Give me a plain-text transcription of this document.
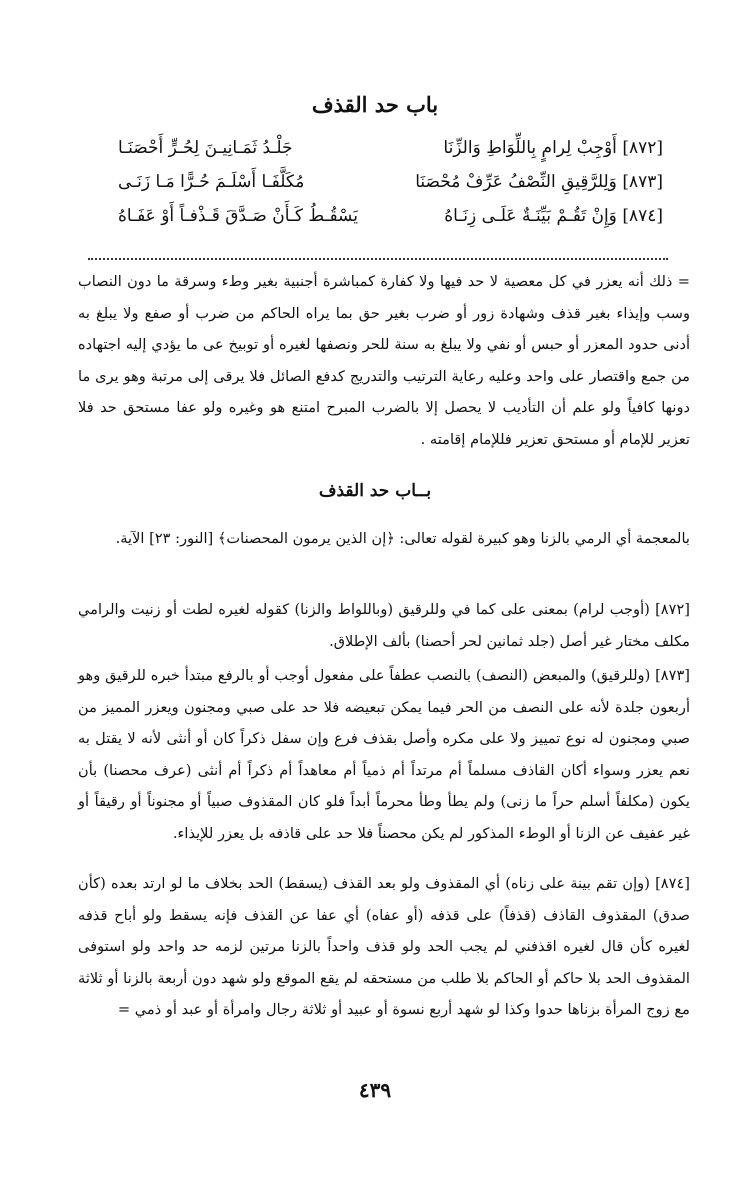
باب حد القذف
[٨٧٢] أَوْجِبْ لِرامٍ بِاللِّوَاطِ وَالزِّنَا
جَلْـدُ ثَمَـانِيـنَ لِحُـرٍّ أَحْصَنَـا
[٨٧٣] وَلِلرَّقِيقِ النِّصْفُ عَرِّفْ مُحْصَنَا
مُكَلَّفَـا أَسْلَـمَ حُـرًّا مَـا زَنَـى
[٨٧٤] وَإِنْ تَقُـمْ بَيِّنَـةٌ عَلَـى زِنَـاهُ
يَسْقُـطُ كَـأَنْ صَـدَّقَ قَـذْفـاً أَوْ عَفَـاهُ
= ذلك أنه يعزر في كل معصية لا حد فيها ولا كفارة كمباشرة أجنبية بغير وطء وسرقة ما دون النصاب وسب وإيذاء بغير قذف وشهادة زور أو ضرب بغير حق بما يراه الحاكم من ضرب أو صفع ولا يبلغ به أدنى حدود المعزر أو حبس أو نفي ولا يبلغ به سنة للحر ونصفها لغيره أو توبيخ عى ما يؤدي إليه اجتهاده من جمع واقتصار على واحد وعليه رعاية الترتيب والتدريج كدفع الصائل فلا يرقى إلى مرتبة وهو يرى ما دونها كافياً ولو علم أن التأديب لا يحصل إلا بالضرب المبرح امتنع هو وغيره ولو عفا مستحق حد فلا تعزير للإمام أو مستحق تعزير فللإمام إقامته .
بــاب حد القذف
بالمعجمة أي الرمي بالزنا وهو كبيرة لقوله تعالى: ﴿إن الذين يرمون المحصنات﴾ [النور: ٢٣] الآية.
[٨٧٢] (أوجب لرام) بمعنى على كما في وللرقيق (وباللواط والزنا) كقوله لغيره لطت أو زنيت والرامي مكلف مختار غير أصل (جلد ثمانين لحر أحصنا) بألف الإطلاق.
[٨٧٣] (وللرقيق) والمبعض (النصف) بالنصب عطفاً على مفعول أوجب أو بالرفع مبتدأ خبره للرقيق وهو أربعون جلدة لأنه على النصف من الحر فيما يمكن تبعيضه فلا حد على صبي ومجنون ويعزر المميز من صبي ومجنون له نوع تمييز ولا على مكره وأصل بقذف فرع وإن سفل ذكراً كان أو أنثى لأنه لا يقتل به نعم يعزر وسواء أكان القاذف مسلماً أم مرتداً أم ذمياً أم معاهداً أم ذكراً أم أنثى (عرف محصنا) بأن يكون (مكلفاً أسلم حراً ما زنى) ولم يطأ وطأ محرماً أبداً فلو كان المقذوف صبياً أو مجنوناً أو رقيقاً أو غير عفيف عن الزنا أو الوطء المذكور لم يكن محصناً فلا حد على قاذفه بل يعزر للإيذاء.
[٨٧٤] (وإن تقم بينة على زناه) أي المقذوف ولو بعد القذف (يسقط) الحد بخلاف ما لو ارتد بعده (كأن صدق) المقذوف القاذف (قذفاً) على قذفه (أو عفاه) أي عفا عن القذف فإنه يسقط ولو أباح قذفه لغيره كأن قال لغيره اقذفني لم يجب الحد ولو قذف واحداً بالزنا مرتين لزمه حد واحد ولو استوفى المقذوف الحد بلا حاكم أو الحاكم بلا طلب من مستحقه لم يقع الموقع ولو شهد دون أربعة بالزنا أو ثلاثة مع زوج المرأة بزناها حدوا وكذا لو شهد أربع نسوة أو عبيد أو ثلاثة رجال وامرأة أو عبد أو ذمي =
٤٣٩
